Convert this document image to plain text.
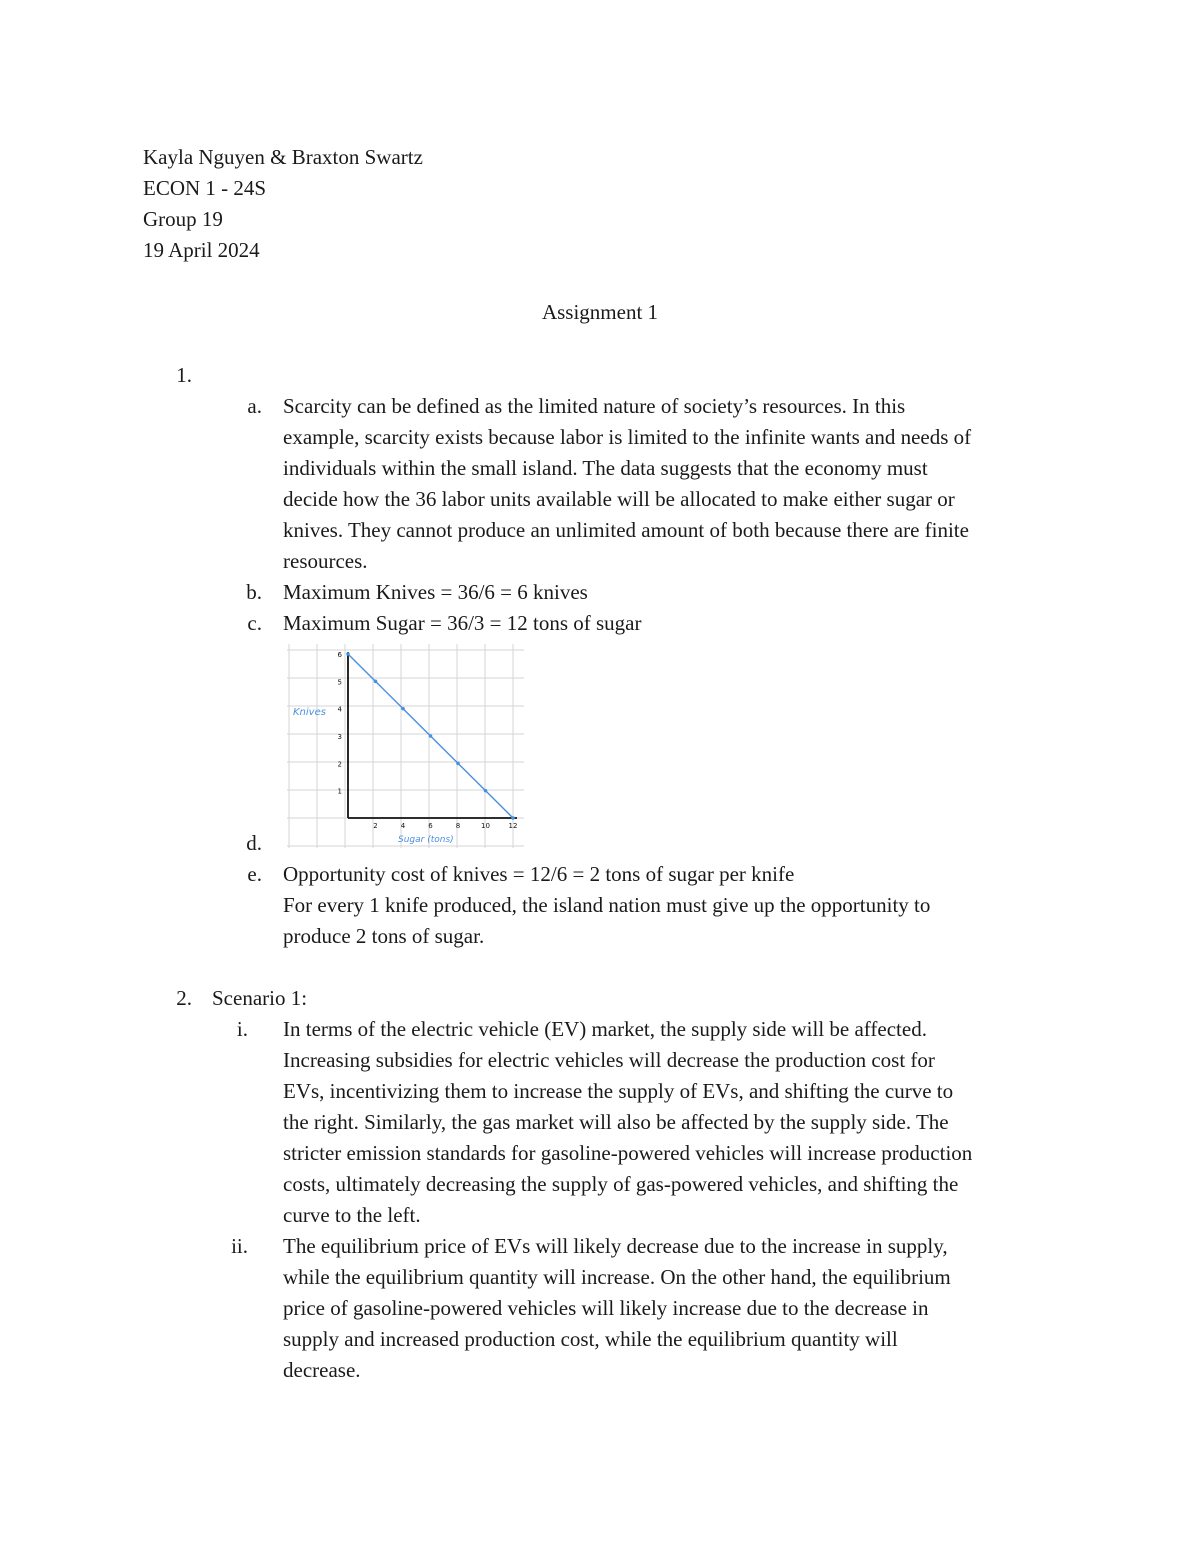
Kayla Nguyen & Braxton Swartz
ECON 1 - 24S
Group 19
19 April 2024
Assignment 1
1.
a. Scarcity can be defined as the limited nature of society’s resources. In this
example, scarcity exists because labor is limited to the infinite wants and needs of
individuals within the small island. The data suggests that the economy must
decide how the 36 labor units available will be allocated to make either sugar or
knives. They cannot produce an unlimited amount of both because there are finite
resources.
b. Maximum Knives = 36/6 = 6 knives
c. Maximum Sugar = 36/3 = 12 tons of sugar
d.
1
2
3
4
5
6
2	4	6	8	10	12
Knives
Sugar (tons)
e. Opportunity cost of knives = 12/6 = 2 tons of sugar per knife
For every 1 knife produced, the island nation must give up the opportunity to
produce 2 tons of sugar.
2. Scenario 1:
i. In terms of the electric vehicle (EV) market, the supply side will be affected.
Increasing subsidies for electric vehicles will decrease the production cost for
EVs, incentivizing them to increase the supply of EVs, and shifting the curve to
the right. Similarly, the gas market will also be affected by the supply side. The
stricter emission standards for gasoline-powered vehicles will increase production
costs, ultimately decreasing the supply of gas-powered vehicles, and shifting the
curve to the left.
ii. The equilibrium price of EVs will likely decrease due to the increase in supply,
while the equilibrium quantity will increase. On the other hand, the equilibrium
price of gasoline-powered vehicles will likely increase due to the decrease in
supply and increased production cost, while the equilibrium quantity will
decrease.
